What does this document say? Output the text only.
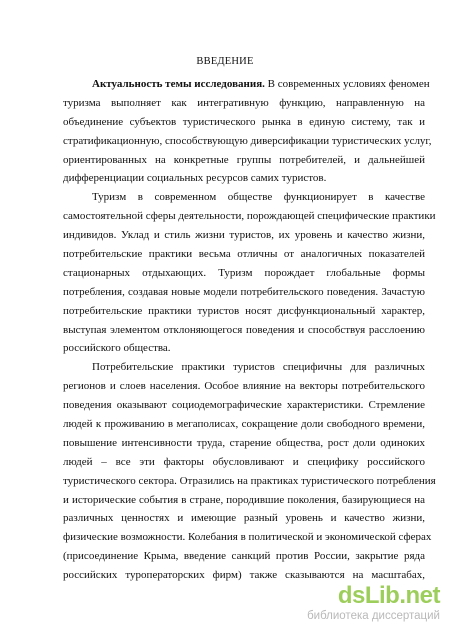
ВВЕДЕНИЕ
Актуальность темы исследования. В современных условиях феномен
туризма выполняет как интегративную функцию, направленную на
объединение субъектов туристического рынка в единую систему, так и
стратификационную, способствующую диверсификации туристических услуг,
ориентированных на конкретные группы потребителей, и дальнейшей
дифференциации социальных ресурсов самих туристов.
Туризм в современном обществе функционирует в качестве
самостоятельной сферы деятельности, порождающей специфические практики
индивидов. Уклад и стиль жизни туристов, их уровень и качество жизни,
потребительские практики весьма отличны от аналогичных показателей
стационарных отдыхающих. Туризм порождает глобальные формы
потребления, создавая новые модели потребительского поведения. Зачастую
потребительские практики туристов носят дисфункциональный характер,
выступая элементом отклоняющегося поведения и способствуя расслоению
российского общества.
Потребительские практики туристов специфичны для различных
регионов и слоев населения. Особое влияние на векторы потребительского
поведения оказывают социодемографические характеристики. Стремление
людей к проживанию в мегаполисах, сокращение доли свободного времени,
повышение интенсивности труда, старение общества, рост доли одиноких
людей – все эти факторы обусловливают и специфику российского
туристического сектора. Отразились на практиках туристического потребления
и исторические события в стране, породившие поколения, базирующиеся на
различных ценностях и имеющие разный уровень и качество жизни,
физические возможности. Колебания в политической и экономической сферах
(присоединение Крыма, введение санкций против России, закрытие ряда
российских туроператорских фирм) также сказываются на масштабах,
dsLib.net
библиотека диссертаций
